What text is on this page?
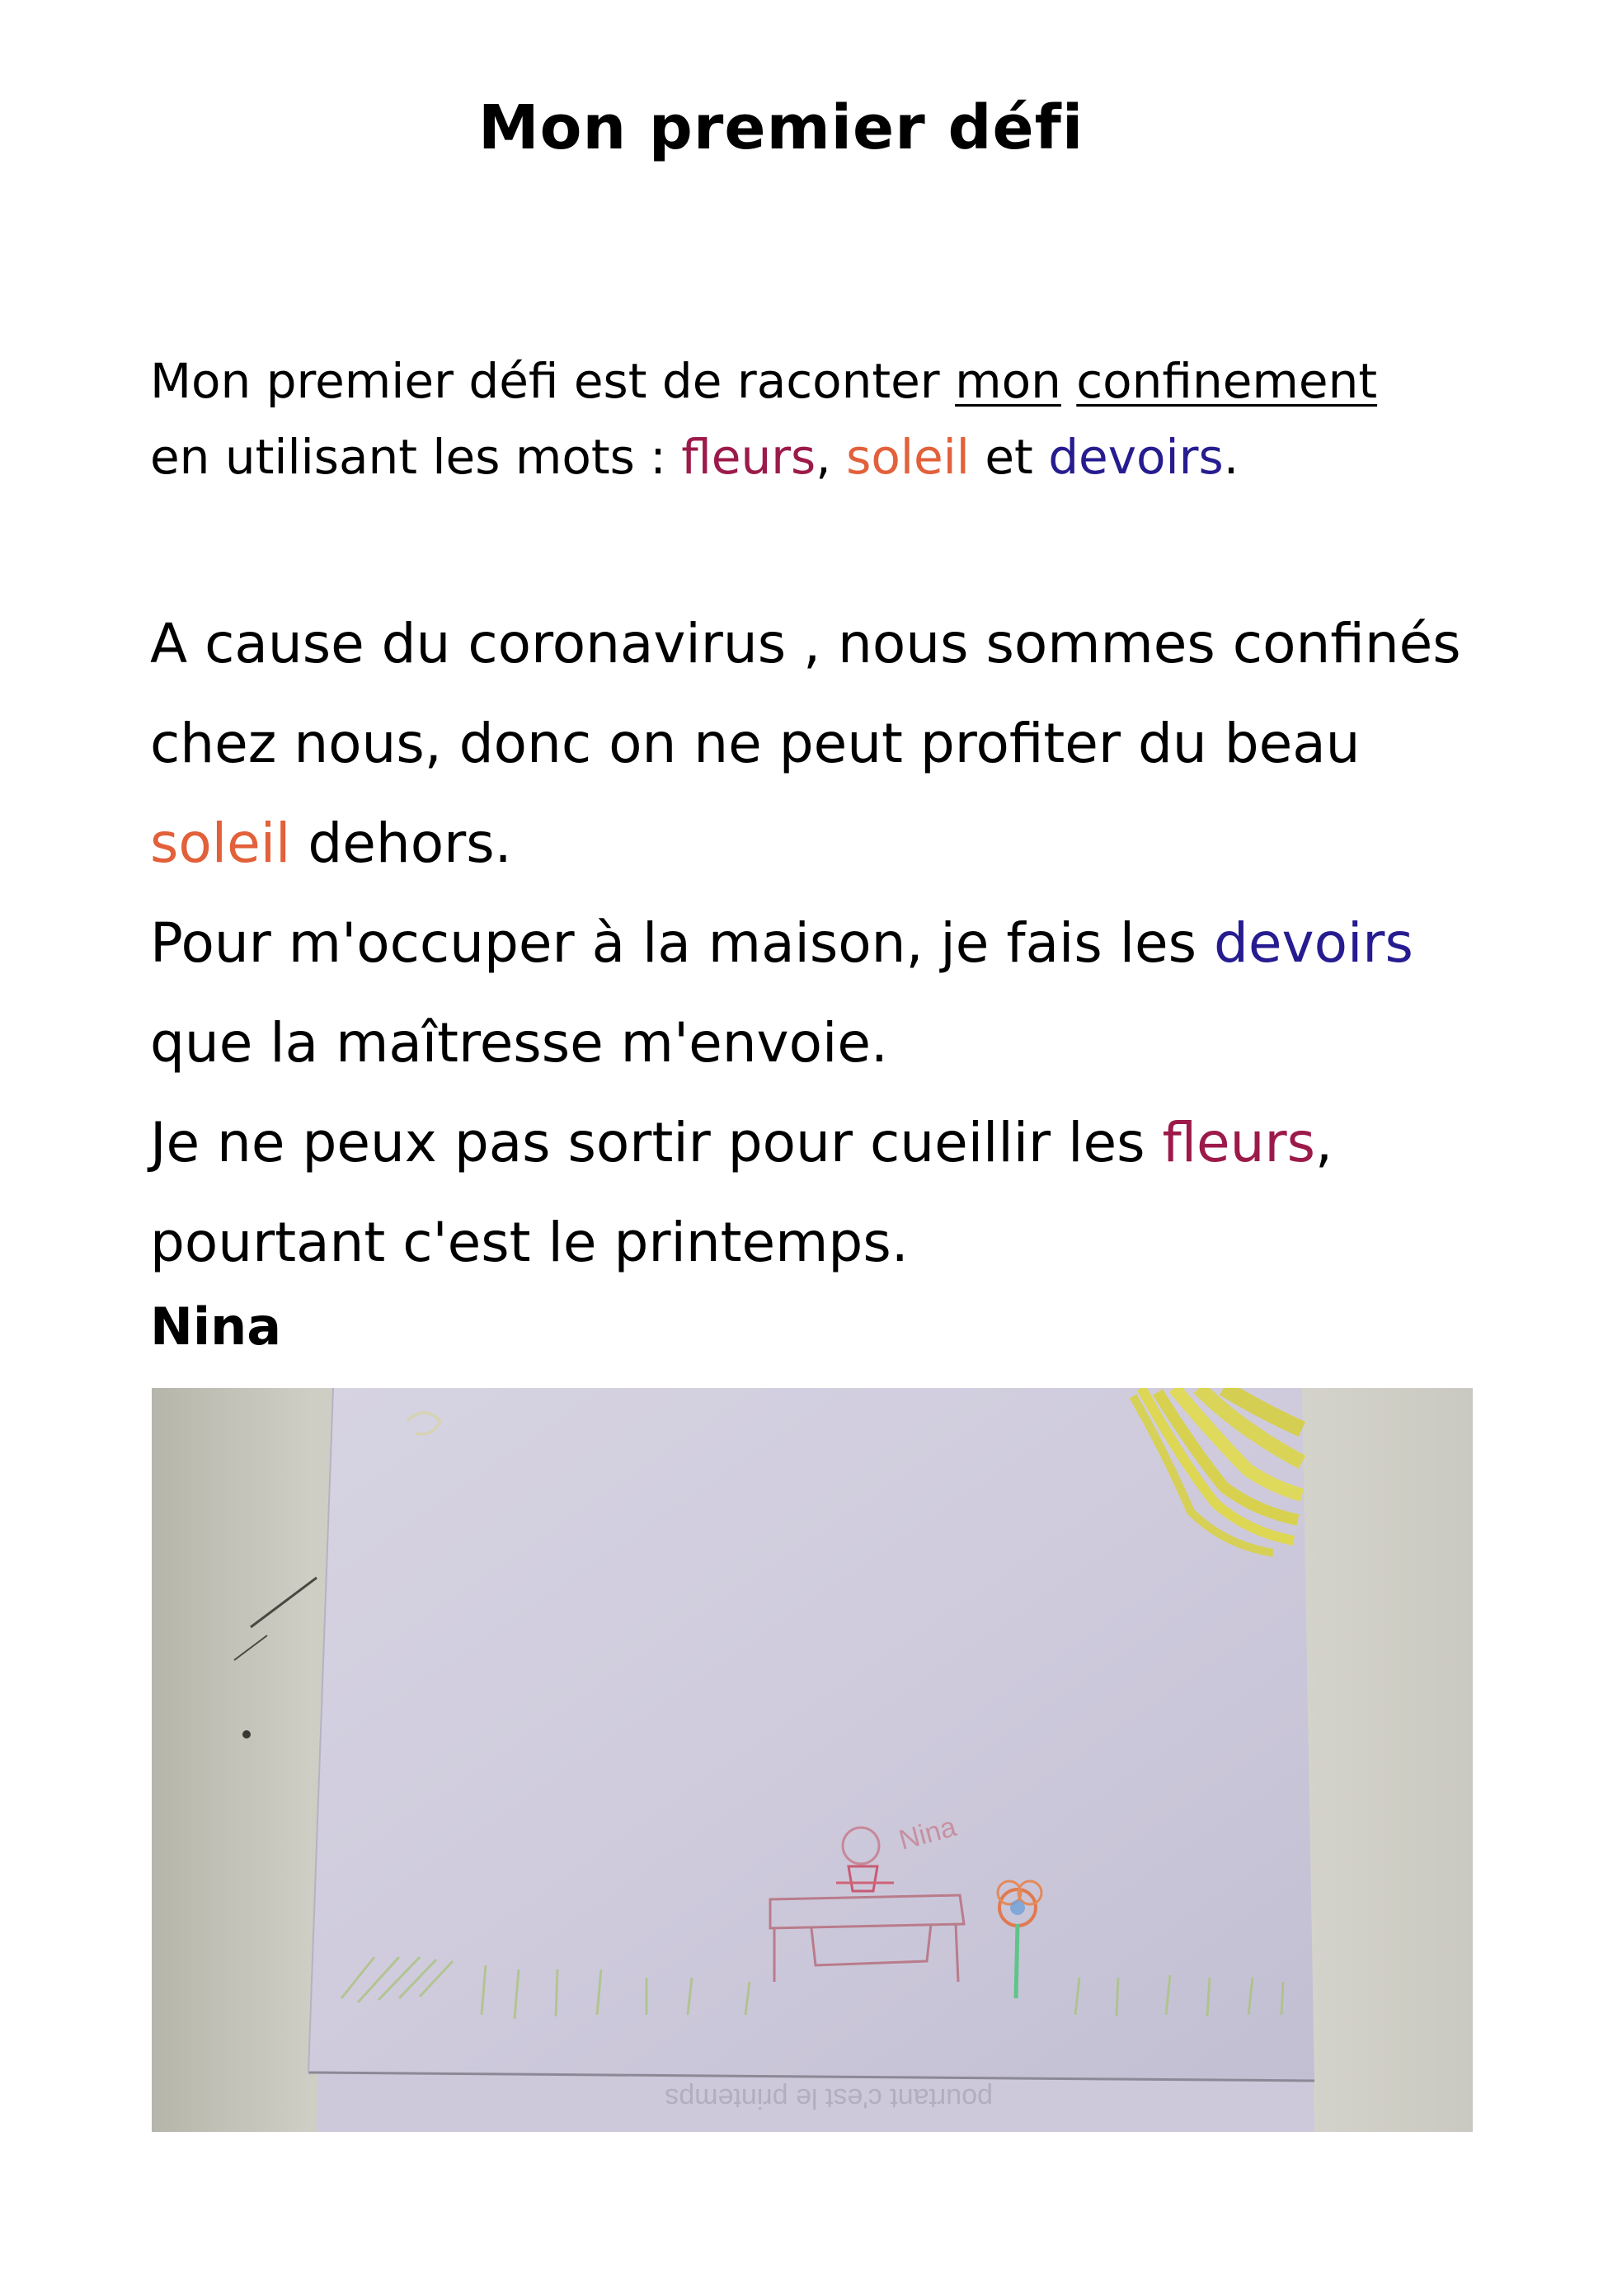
Mon premier défi
Mon premier défi est de raconter mon confinement
en utilisant les mots : fleurs, soleil et devoirs.
A cause du coronavirus , nous sommes confinés
chez nous, donc on ne peut profiter du beau
soleil dehors.
Pour m'occuper à la maison, je fais les devoirs
que la maîtresse m'envoie.
Je ne peux pas sortir pour cueillir les fleurs,
pourtant c'est le printemps.
Nina
pourtant c'est le printemps
Nina
